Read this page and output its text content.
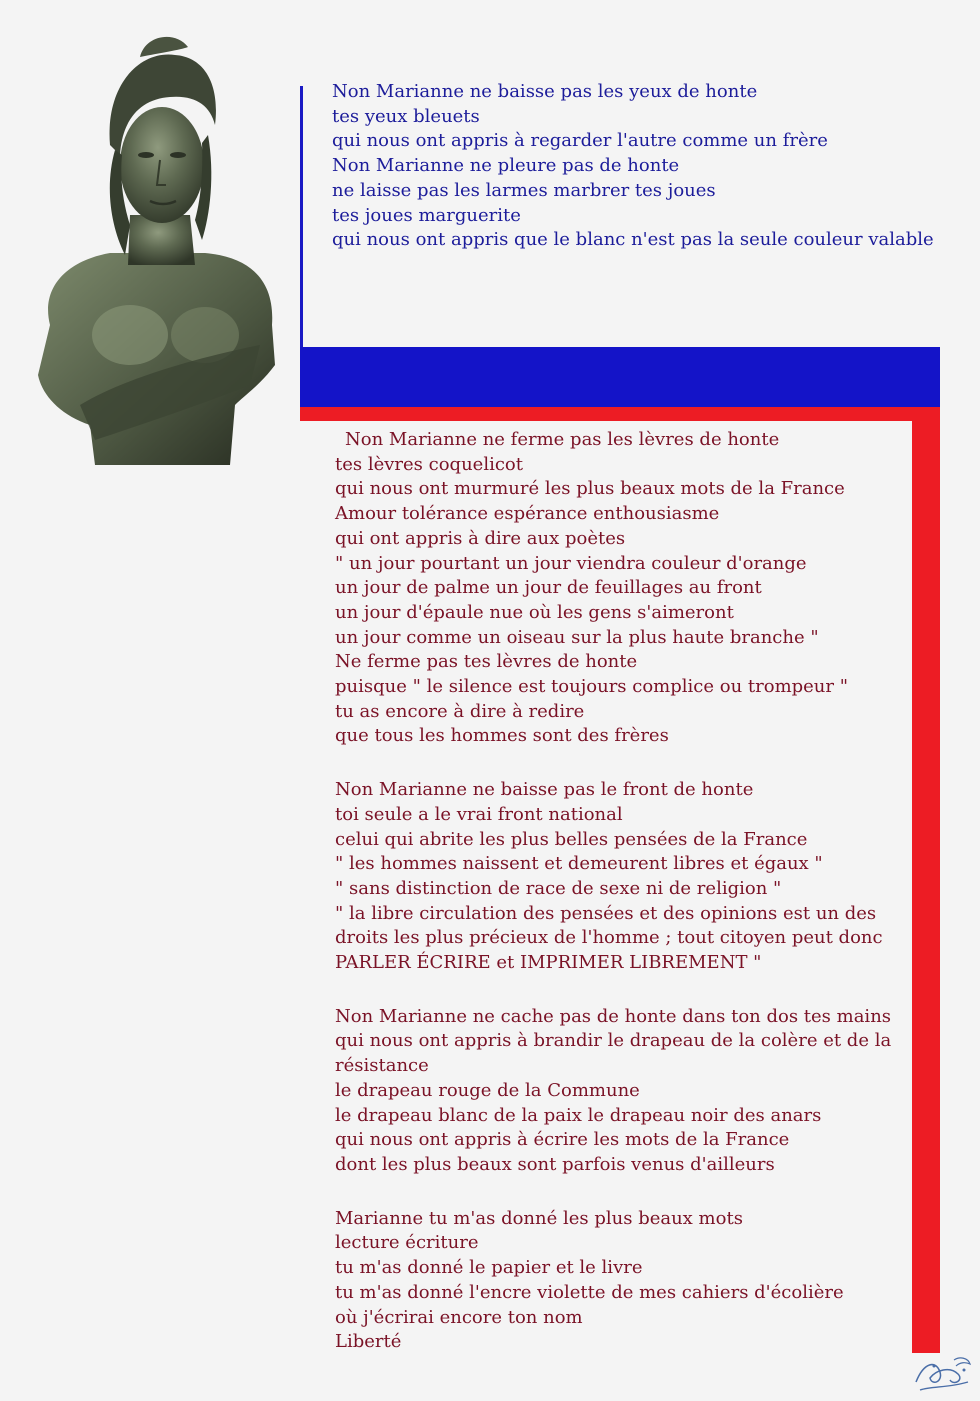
Non Marianne ne baisse pas les yeux de honte
tes yeux bleuets
qui nous ont appris à regarder l'autre comme un frère
Non Marianne ne pleure pas de honte
ne laisse pas les larmes marbrer tes joues
tes joues marguerite
qui nous ont appris que le blanc n'est pas la seule couleur valable
Non Marianne ne ferme pas les lèvres de honte
tes lèvres coquelicot
qui nous ont murmuré les plus beaux mots de la France
Amour tolérance espérance enthousiasme
qui ont appris à dire aux poètes
" un jour pourtant un jour viendra couleur d'orange
un jour de palme un jour de feuillages au front
un jour d'épaule nue où les gens s'aimeront
un jour comme un oiseau sur la plus haute branche "
Ne ferme pas tes lèvres de honte
puisque " le silence est toujours complice ou trompeur "
tu as encore à dire à redire
que tous les hommes sont des frères
Non Marianne ne baisse pas le front de honte
toi seule a le vrai front national
celui qui abrite les plus belles pensées de la France
" les hommes naissent et demeurent libres et égaux "
" sans distinction de race de sexe ni de religion "
" la libre circulation des pensées et des opinions est un des
droits les plus précieux de l'homme ; tout citoyen peut donc
PARLER ÉCRIRE et IMPRIMER LIBREMENT "
Non Marianne ne cache pas de honte dans ton dos tes mains
qui nous ont appris à brandir le drapeau de la colère et de la
résistance
le drapeau rouge de la Commune
le drapeau blanc de la paix le drapeau noir des anars
qui nous ont appris à écrire les mots de la France
dont les plus beaux sont parfois venus d'ailleurs
Marianne tu m'as donné les plus beaux mots
lecture écriture
tu m'as donné le papier et le livre
tu m'as donné l'encre violette de mes cahiers d'écolière
où j'écrirai encore ton nom
Liberté
